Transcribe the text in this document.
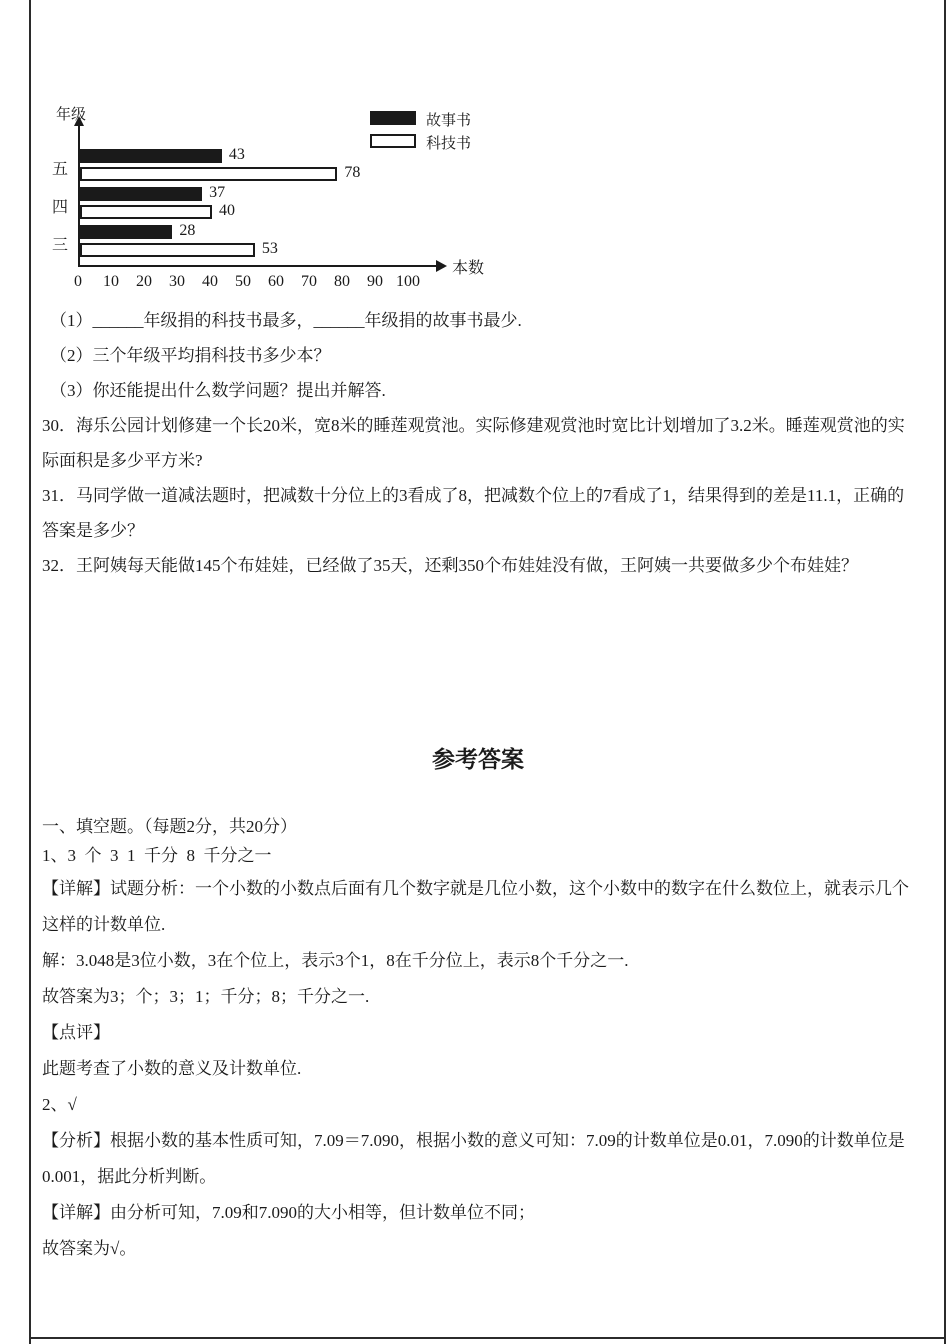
年级
本数
0	10	20	30	40	50	60	70	80	90 100
五
43
78
四
37
40
三
28
53
故事书
科技书

（1）______年级捐的科技书最多，______年级捐的故事书最少.

（2）三个年级平均捐科技书多少本？

（3）你还能提出什么数学问题？提出并解答.

30．海乐公园计划修建一个长20米，宽8米的睡莲观赏池。实际修建观赏池时宽比计划增加了3.2米。睡莲观赏池的实际面积是多少平方米?

31．马同学做一道减法题时，把减数十分位上的3看成了8，把减数个位上的7看成了1，结果得到的差是11.1，正确的答案是多少？

32．王阿姨每天能做145个布娃娃，已经做了35天，还剩350个布娃娃没有做，王阿姨一共要做多少个布娃娃？

参考答案

一、填空题。（每题2分，共20分）

1、3  个  3  1  千分  8  千分之一

【详解】试题分析：一个小数的小数点后面有几个数字就是几位小数，这个小数中的数字在什么数位上，就表示几个这样的计数单位.

解：3.048是3位小数，3在个位上，表示3个1，8在千分位上，表示8个千分之一.

故答案为3；个；3；1；千分；8；千分之一.

【点评】

此题考查了小数的意义及计数单位.

2、√

【分析】根据小数的基本性质可知，7.09＝7.090，根据小数的意义可知：7.09的计数单位是0.01，7.090的计数单位是0.001，据此分析判断。

【详解】由分析可知，7.09和7.090的大小相等，但计数单位不同；

故答案为√。
